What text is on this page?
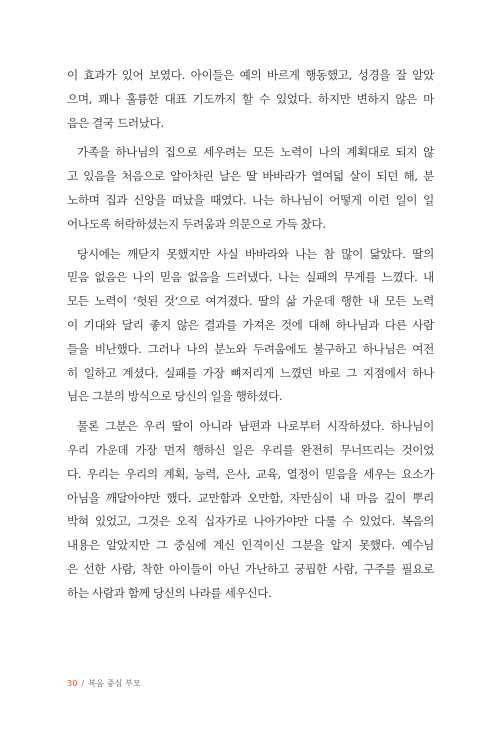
이 효과가 있어 보였다. 아이들은 예의 바르게 행동했고, 성경을 잘 알았
으며, 꽤나 훌륭한 대표 기도까지 할 수 있었다. 하지만 변하지 않은 마
음은 결국 드러났다.
가족을 하나님의 집으로 세우려는 모든 노력이 나의 계획대로 되지 않
고 있음을 처음으로 알아차린 날은 딸 바바라가 열여덟 살이 되던 해, 분
노하며 집과 신앙을 떠났을 때였다. 나는 하나님이 어떻게 이런 일이 일
어나도록 허락하셨는지 두려움과 의문으로 가득 찼다.
당시에는 깨닫지 못했지만 사실 바바라와 나는 참 많이 닮았다. 딸의
믿음 없음은 나의 믿음 없음을 드러냈다. 나는 실패의 무게를 느꼈다. 내
모든 노력이 ‘헛된 것’으로 여겨졌다. 딸의 삶 가운데 행한 내 모든 노력
이 기대와 달리 좋지 않은 결과를 가져온 것에 대해 하나님과 다른 사람
들을 비난했다. 그러나 나의 분노와 두려움에도 불구하고 하나님은 여전
히 일하고 계셨다. 실패를 가장 뼈저리게 느꼈던 바로 그 지점에서 하나
님은 그분의 방식으로 당신의 일을 행하셨다.
물론 그분은 우리 딸이 아니라 남편과 나로부터 시작하셨다. 하나님이
우리 가운데 가장 먼저 행하신 일은 우리를 완전히 무너뜨리는 것이었
다. 우리는 우리의 계획, 능력, 은사, 교육, 열정이 믿음을 세우는 요소가
아님을 깨달아야만 했다. 교만함과 오만함, 자만심이 내 마음 깊이 뿌리
박혀 있었고, 그것은 오직 십자가로 나아가야만 다룰 수 있었다. 복음의
내용은 알았지만 그 중심에 계신 인격이신 그분을 알지 못했다. 예수님
은 선한 사람, 착한 아이들이 아닌 가난하고 궁핍한 사람, 구주를 필요로
하는 사람과 함께 당신의 나라를 세우신다.
30 / 복음 중심 부모
